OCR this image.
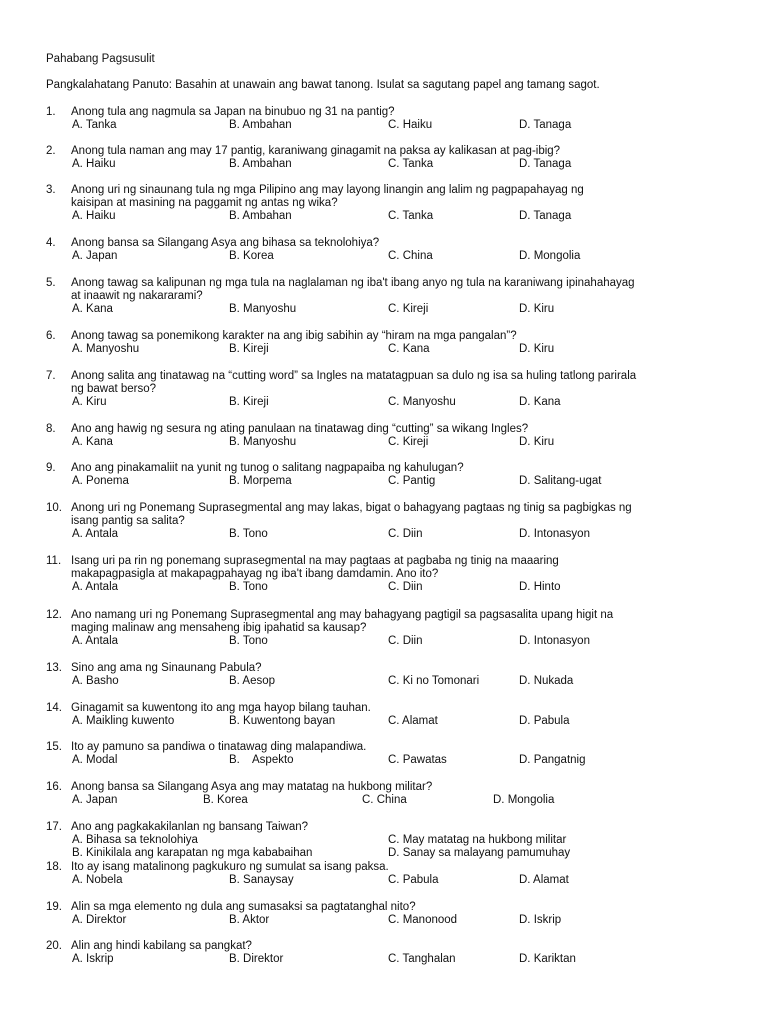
Pahabang Pagsusulit
Pangkalahatang Panuto: Basahin at unawain ang bawat tanong. Isulat sa sagutang papel ang tamang sagot.
1. Anong tula ang nagmula sa Japan na binubuo ng 31 na pantig?
A. Tanka	B. Ambahan	C. Haiku	D. Tanaga
2. Anong tula naman ang may 17 pantig, karaniwang ginagamit na paksa ay kalikasan at pag-ibig?
A. Haiku	B. Ambahan	C. Tanka	D. Tanaga
3. Anong uri ng sinaunang tula ng mga Pilipino ang may layong linangin ang lalim ng pagpapahayag ng
kaisipan at masining na paggamit ng antas ng wika?
A. Haiku	B. Ambahan	C. Tanka	D. Tanaga
4. Anong bansa sa Silangang Asya ang bihasa sa teknolohiya?
A. Japan	B. Korea	C. China	D. Mongolia
5. Anong tawag sa kalipunan ng mga tula na naglalaman ng iba't ibang anyo ng tula na karaniwang ipinahahayag
at inaawit ng nakararami?
A. Kana	B. Manyoshu	C. Kireji	D. Kiru
6. Anong tawag sa ponemikong karakter na ang ibig sabihin ay “hiram na mga pangalan”?
A. Manyoshu	B. Kireji	C. Kana	D. Kiru
7. Anong salita ang tinatawag na “cutting word” sa Ingles na matatagpuan sa dulo ng isa sa huling tatlong parirala
ng bawat berso?
A. Kiru	B. Kireji	C. Manyoshu	D. Kana
8. Ano ang hawig ng sesura ng ating panulaan na tinatawag ding “cutting” sa wikang Ingles?
A. Kana	B. Manyoshu	C. Kireji	D. Kiru
9. Ano ang pinakamaliit na yunit ng tunog o salitang nagpapaiba ng kahulugan?
A. Ponema	B. Morpema	C. Pantig	D. Salitang-ugat
10. Anong uri ng Ponemang Suprasegmental ang may lakas, bigat o bahagyang pagtaas ng tinig sa pagbigkas ng
isang pantig sa salita?
A. Antala	B. Tono	C. Diin	D. Intonasyon
11. Isang uri pa rin ng ponemang suprasegmental na may pagtaas at pagbaba ng tinig na maaaring
makapagpasigla at makapagpahayag ng iba't ibang damdamin. Ano ito?
A. Antala	B. Tono	C. Diin	D. Hinto
12. Ano namang uri ng Ponemang Suprasegmental ang may bahagyang pagtigil sa pagsasalita upang higit na
maging malinaw ang mensaheng ibig ipahatid sa kausap?
A. Antala	B. Tono	C. Diin	D. Intonasyon
13. Sino ang ama ng Sinaunang Pabula?
A. Basho	B. Aesop	C. Ki no Tomonari	D. Nukada
14. Ginagamit sa kuwentong ito ang mga hayop bilang tauhan.
A. Maikling kuwento	B. Kuwentong bayan	C. Alamat	D. Pabula
15. Ito ay pamuno sa pandiwa o tinatawag ding malapandiwa.
A. Modal	B.    Aspekto	C. Pawatas	D. Pangatnig
16. Anong bansa sa Silangang Asya ang may matatag na hukbong militar?
A. Japan	B. Korea	C. China	D. Mongolia
17. Ano ang pagkakakilanlan ng bansang Taiwan?
A. Bihasa sa teknolohiya	C. May matatag na hukbong militar
B. Kinikilala ang karapatan ng mga kababaihan	D. Sanay sa malayang pamumuhay
18. Ito ay isang matalinong pagkukuro ng sumulat sa isang paksa.
A. Nobela	B. Sanaysay	C. Pabula	D. Alamat
19. Alin sa mga elemento ng dula ang sumasaksi sa pagtatanghal nito?
A. Direktor	B. Aktor	C. Manonood	D. Iskrip
20. Alin ang hindi kabilang sa pangkat?
A. Iskrip	B. Direktor	C. Tanghalan	D. Kariktan
